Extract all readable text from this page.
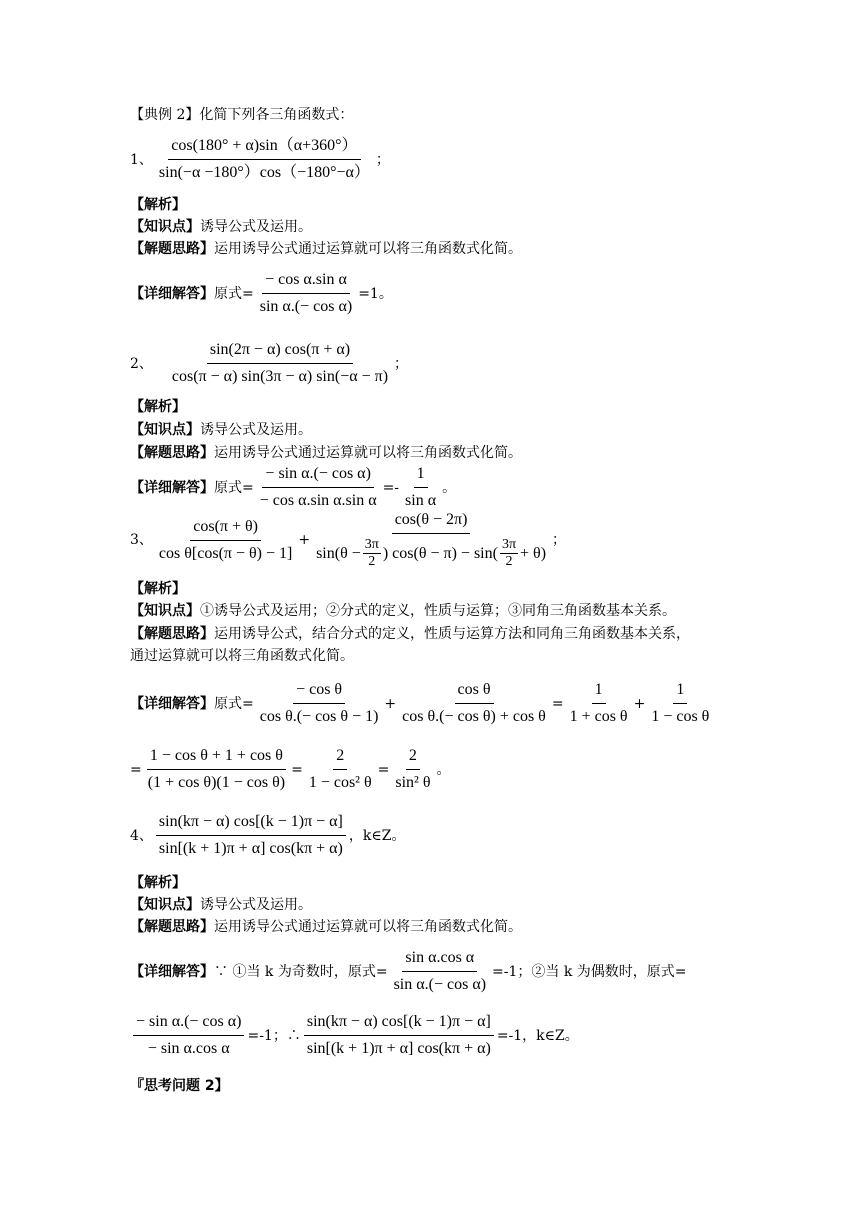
【典例 2】化简下列各三角函数式：
1、 $\frac{\cos(180^\circ + \alpha)\sin(\alpha+360^\circ)}{\sin(-\alpha -180^\circ)\cos(-180^\circ-\alpha)}$ ；
【解析】
【知识点】诱导公式及运用。
【解题思路】运用诱导公式通过运算就可以将三角函数式化简。
【详细解答】 原式= $\frac{\text{− cos α.sin α}}{\text{sin α.(− cos α)}} =1$。
2、 $\frac{\sin(2\pi - \alpha) \cos(\pi + \alpha)}{\cos(\pi - \alpha) \sin(3\pi - \alpha) \sin(-\alpha - \pi)}$ ；
【解析】
【知识点】诱导公式及运用。
【解题思路】运用诱导公式通过运算就可以将三角函数式化简。
【详细解答】 原式= $\frac{\text{− sin α.(− cos α)}}{\text{− cos α.sin α.sin α}} =- \frac{1}{\text{sin α}}$ 。
3、 $\frac{\cos(\pi + \theta)}{\text{cos θ[cos(π − θ) − 1]}}$ +
cos(θ − 2π)
$\sin(\theta - \frac{3\pi}{2}$ ) $\cos(\theta - \pi) - \sin( \frac{3\pi}{2} + \theta)$
；
【解析】
【知识点】①诱导公式及运用；②分式的定义，性质与运算；③同角三角函数基本关系。
【解题思路】运用诱导公式，结合分式的定义，性质与运算方法和同角三角函数基本关系，
通过运算就可以将三角函数式化简。
【详细解答】 原式= $\frac{\text{− cos θ}}{\text{cos θ.(− cos θ − 1)}} + \frac{\text{cos θ}}{\text{cos θ.(− cos θ) + cos θ}} = \frac{1}{\text{1 + cos θ}} + \frac{1}{\text{1 − cos θ}}$
= $\frac{\text{1 − cos θ + 1 + cos θ}}{\text{(1 + cos θ)(1 − cos θ)}} = \frac{2}{\text{1 − cos² θ}} = \frac{2}{\text{sin² θ}}$ 。
4、 $\frac{\sin(k\pi - \alpha) \cos[(k - 1)\pi - \alpha]}{\sin[(k + 1)\pi + \alpha] \cos(k\pi + \alpha)}$ ，k∈Z。
【解析】
【知识点】诱导公式及运用。
【解题思路】运用诱导公式通过运算就可以将三角函数式化简。
【详细解答】 ∵ ①当 k 为奇数时，原式= $\frac{\text{sin α.cos α}}{\text{sin α.(− cos α)}} =-1$；②当 k 为偶数时，原式=
$\frac{\text{− sin α.(− cos α)}}{\text{− sin α.cos α}} =-1$；∴ $\frac{\sin(k\pi - \alpha) \cos[(k - 1)\pi - \alpha]}{\sin[(k + 1)\pi + \alpha] \cos(k\pi + \alpha)} =-1$，k∈Z。
『思考问题 2】
